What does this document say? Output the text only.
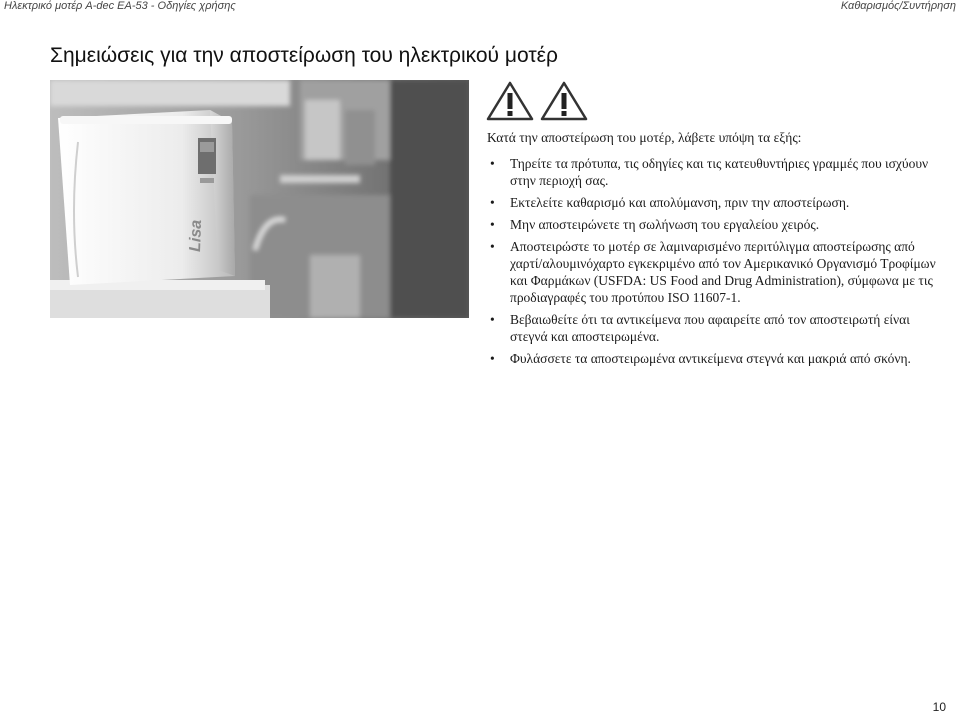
Ηλεκτρικό μοτέρ A-dec EA-53 - Οδηγίες χρήσης	Καθαρισμός/Συντήρηση
Σημειώσεις για την αποστείρωση του ηλεκτρικού μοτέρ
Lisa

Κατά την αποστείρωση του μοτέρ, λάβετε υπόψη τα εξής:

• Τηρείτε τα πρότυπα, τις οδηγίες και τις κατευθυντήριες γραμμές που ισχύουν στην περιοχή σας.
• Εκτελείτε καθαρισμό και απολύμανση, πριν την αποστείρωση.
• Μην αποστειρώνετε τη σωλήνωση του εργαλείου χειρός.
• Αποστειρώστε το μοτέρ σε λαμιναρισμένο περιτύλιγμα αποστείρωσης από χαρτί/αλουμινόχαρτο εγκεκριμένο από τον Αμερικανικό Οργανισμό Τροφίμων και Φαρμάκων (USFDA: US Food and Drug Administration), σύμφωνα με τις προδιαγραφές του προτύπου ISO 11607-1.
• Βεβαιωθείτε ότι τα αντικείμενα που αφαιρείτε από τον αποστειρωτή είναι στεγνά και αποστειρωμένα.
• Φυλάσσετε τα αποστειρωμένα αντικείμενα στεγνά και μακριά από σκόνη.
10
